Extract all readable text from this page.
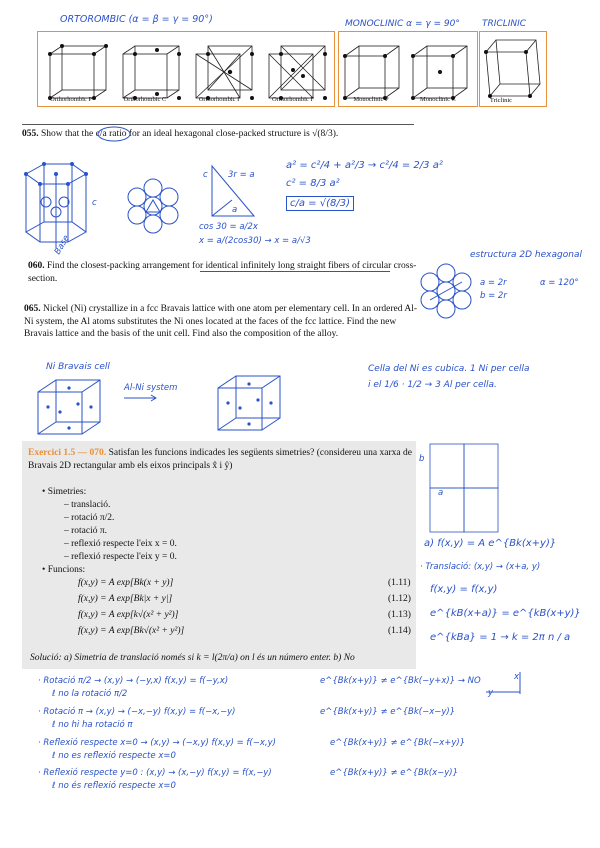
ORTOROMBIC (α = β = γ = 90°)	MONOCLINIC α = γ = 90° TRICLINIC
Orthorhombic P	Orthorhombic C	Orthorhombic I	Orthorhombic F	Monoclinic P	Monoclinic C	Triclinic
055. Show that the c/a ratio for an ideal hexagonal close-packed structure is √(8/3).
c
Base
c 3r = a
a
cos 30 = a/2x
x = a/(2cos30) → x = a/√3
a² = c²/4 + a²/3 → c²/4 = 2/3 a²
c² = 8/3 a²
c/a = √(8/3)
060. Find the closest-packing arrangement for identical infinitely long straight fibers of circular cross-section.
estructura 2D hexagonal
a = 2r
b = 2r
α = 120°
065. Nickel (Ni) crystallize in a fcc Bravais lattice with one atom per elementary cell. In an ordered Al-Ni system, the Al atoms substitutes the Ni ones located at the faces of the fcc lattice. Find the new Bravais lattice and the basis of the unit cell. Find also the composition of the alloy.
Ni Bravais cell
Al-Ni system
Cella del Ni es cubica. 1 Ni per cella
i el 1/6 · 1/2 → 3 Al per cella.
Exercici 1.5 — 070. Satisfan les funcions indicades les següents simetries? (considereu una xarxa de Bravais 2D rectangular amb els eixos principals x̂ i ŷ)
• Simetries:
– translació.
– rotació π/2.
– rotació π.
– reflexió respecte l'eix x = 0.
– reflexió respecte l'eix y = 0.
• Funcions:
f(x,y) = A exp[Bk(x + y)]	(1.11)
f(x,y) = A exp[Bk|x + y|]	(1.12)
f(x,y) = A exp[k√(x² + y²)]	(1.13)
f(x,y) = A exp[Bk√(x² + y²)]	(1.14)
Solució: a) Simetria de translació només si k = l(2π/a) on l és un número enter. b) No
b
a
a) f(x,y) = A e^{Bk(x+y)}
· Translació: (x,y) → (x+a, y)
f(x,y) = f(x,y)
e^{kB(x+a)} = e^{kB(x+y)}
e^{kBa} = 1 → k = 2π n / a
x
y
· Rotació π/2 → (x,y) → (−y,x) f(x,y) = f(−y,x)
ℓ no la rotació π/2
e^{Bk(x+y)} ≠ e^{Bk(−y+x)} → NO
· Rotació π → (x,y) → (−x,−y) f(x,y) = f(−x,−y)
ℓ no hi ha rotació π
e^{Bk(x+y)} ≠ e^{Bk(−x−y)}
· Reflexió respecte x=0 → (x,y) → (−x,y) f(x,y) = f(−x,y)
ℓ no es reflexió respecte x=0
e^{Bk(x+y)} ≠ e^{Bk(−x+y)}
· Reflexió respecte y=0 : (x,y) → (x,−y) f(x,y) = f(x,−y)
ℓ no és reflexió respecte x=0
e^{Bk(x+y)} ≠ e^{Bk(x−y)}
